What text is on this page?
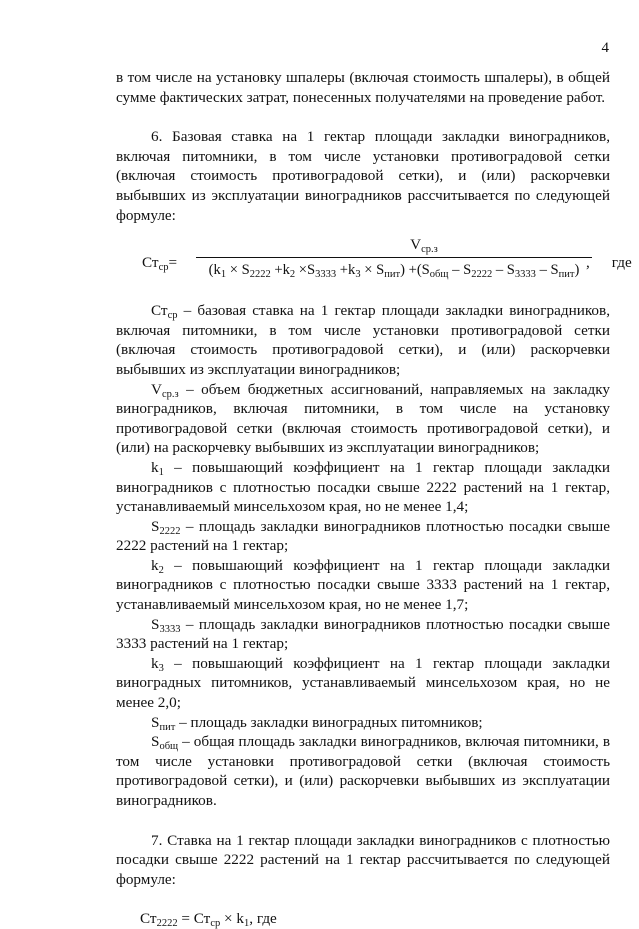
4

в том числе на установку шпалеры (включая стоимость шпалеры), в общей сумме фактических затрат, понесенных получателями на проведение работ.

6. Базовая ставка на 1 гектар площади закладки виноградников, включая питомники, в том числе установки противоградовой сетки (включая стоимость противоградовой сетки), и (или) раскорчевки выбывших из эксплуатации виноградников рассчитывается по следующей формуле:

$Ст_{ср}=$
$V_{ср.з}$
$(k_1 \times S_{2222} +k_2 \times S_{3333} +k_3 \times S_{пит}) +(S_{общ} - S_{2222} - S_{3333} - S_{пит})$ , где

$Ст_{ср}$ – базовая ставка на 1 гектар площади закладки виноградников, включая питомники, в том числе установки противоградовой сетки (включая стоимость противоградовой сетки), и (или) раскорчевки выбывших из эксплуатации виноградников;

$V_{ср.з}$ – объем бюджетных ассигнований, направляемых на закладку виноградников, включая питомники, в том числе на установку противоградовой сетки (включая стоимость противоградовой сетки), и (или) на раскорчевку выбывших из эксплуатации виноградников;

$k_1$ – повышающий коэффициент на 1 гектар площади закладки виноградников с плотностью посадки свыше 2222 растений на 1 гектар, устанавливаемый минсельхозом края, но не менее 1,4;

$S_{2222}$ – площадь закладки виноградников плотностью посадки свыше 2222 растений на 1 гектар;

$k_2$ – повышающий коэффициент на 1 гектар площади закладки виноградников с плотностью посадки свыше 3333 растений на 1 гектар, устанавливаемый минсельхозом края, но не менее 1,7;

$S_{3333}$ – площадь закладки виноградников плотностью посадки свыше 3333 растений на 1 гектар;

$k_3$ – повышающий коэффициент на 1 гектар площади закладки виноградных питомников, устанавливаемый минсельхозом края, но не менее 2,0;

$S_{пит}$ – площадь закладки виноградных питомников;

$S_{общ}$ – общая площадь закладки виноградников, включая питомники, в том числе установки противоградовой сетки (включая стоимость противоградовой сетки), и (или) раскорчевки выбывших из эксплуатации виноградников.

7. Ставка на 1 гектар площади закладки виноградников с плотностью посадки свыше 2222 растений на 1 гектар рассчитывается по следующей формуле:

$Ст_{2222} = Ст_{ср} \times k_1$, где
